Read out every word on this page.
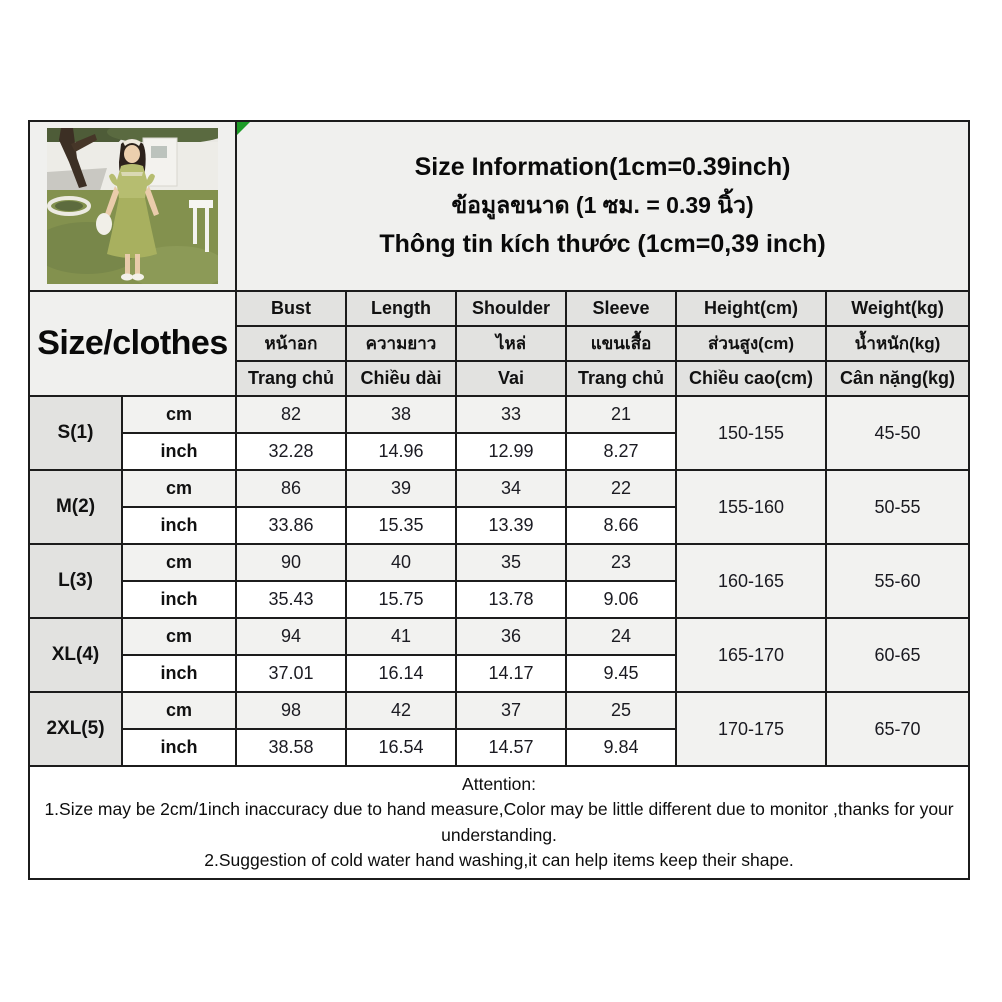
Size Information(1cm=0.39inch)
ข้อมูลขนาด (1 ซม. = 0.39 นิ้ว)
Thông tin kích thước (1cm=0,39 inch)					

Size/clothes		Bust	Length	Shoulder	Sleeve	Height(cm)	Weight(kg)
		หน้าอก	ความยาว	ไหล่	แขนเสื้อ	ส่วนสูง(cm)	น้ำหนัก(kg)
		Trang chủ	Chiều dài	Vai	Trang chủ	Chiều cao(cm)	Cân nặng(kg)
S(1)	cm	82	38	33	21	150-155	45-50
	inch	32.28	14.96	12.99	8.27		
M(2)	cm	86	39	34	22	155-160	50-55
	inch	33.86	15.35	13.39	8.66		
L(3)	cm	90	40	35	23	160-165	55-60
	inch	35.43	15.75	13.78	9.06		
XL(4)	cm	94	41	36	24	165-170	60-65
	inch	37.01	16.14	14.17	9.45		
2XL(5)	cm	98	42	37	25	170-175	65-70
	inch	38.58	16.54	14.57	9.84		

Attention:
1.Size may be 2cm/1inch inaccuracy due to hand measure,Color may be little different due to monitor ,thanks for your understanding.
2.Suggestion of cold water hand washing,it can help items keep their shape.							
